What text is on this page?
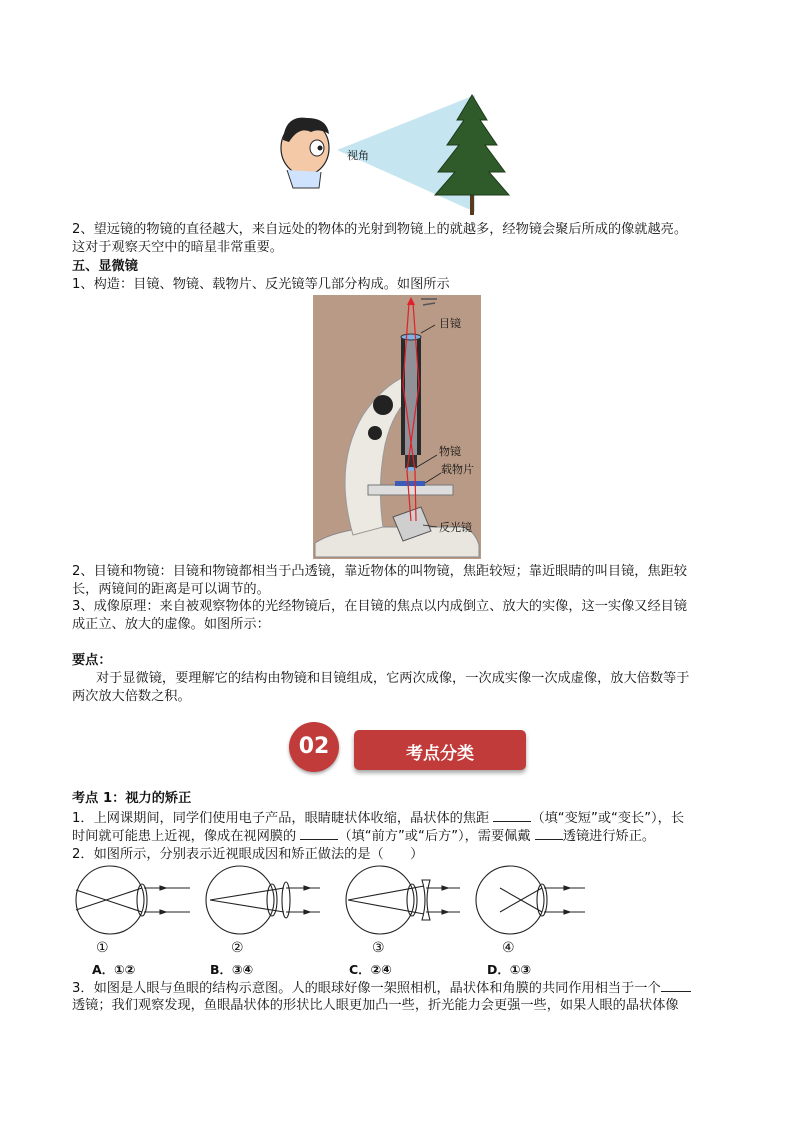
视角
2、望远镜的物镜的直径越大，来自远处的物体的光射到物镜上的就越多，经物镜会聚后所成的像就越亮。
这对于观察天空中的暗星非常重要。
五、显微镜
1、构造：目镜、物镜、载物片、反光镜等几部分构成。如图所示
目镜
物镜
载物片
反光镜
2、目镜和物镜：目镜和物镜都相当于凸透镜，靠近物体的叫物镜，焦距较短；靠近眼睛的叫目镜，焦距较
长，两镜间的距离是可以调节的。
3、成像原理：来自被观察物体的光经物镜后，在目镜的焦点以内成倒立、放大的实像，这一实像又经目镜
成正立、放大的虚像。如图所示：
要点：
对于显微镜，要理解它的结构由物镜和目镜组成，它两次成像，一次成实像一次成虚像，放大倍数等于
两次放大倍数之积。
02	考点分类
考点 1：视力的矫正
1．上网课期间，同学们使用电子产品，眼睛睫状体收缩，晶状体的焦距	（填“变短”或“变长”），长
时间就可能患上近视，像成在视网膜的	（填“前方”或“后方”），需要佩戴 透镜进行矫正。
2．如图所示，分别表示近视眼成因和矫正做法的是（　　）
①	②	③	④
A．①②	B．③④	C．②④	D．①③
3．如图是人眼与鱼眼的结构示意图。人的眼球好像一架照相机，晶状体和角膜的共同作用相当于一个
透镜；我们观察发现，鱼眼晶状体的形状比人眼更加凸一些，折光能力会更强一些，如果人眼的晶状体像
